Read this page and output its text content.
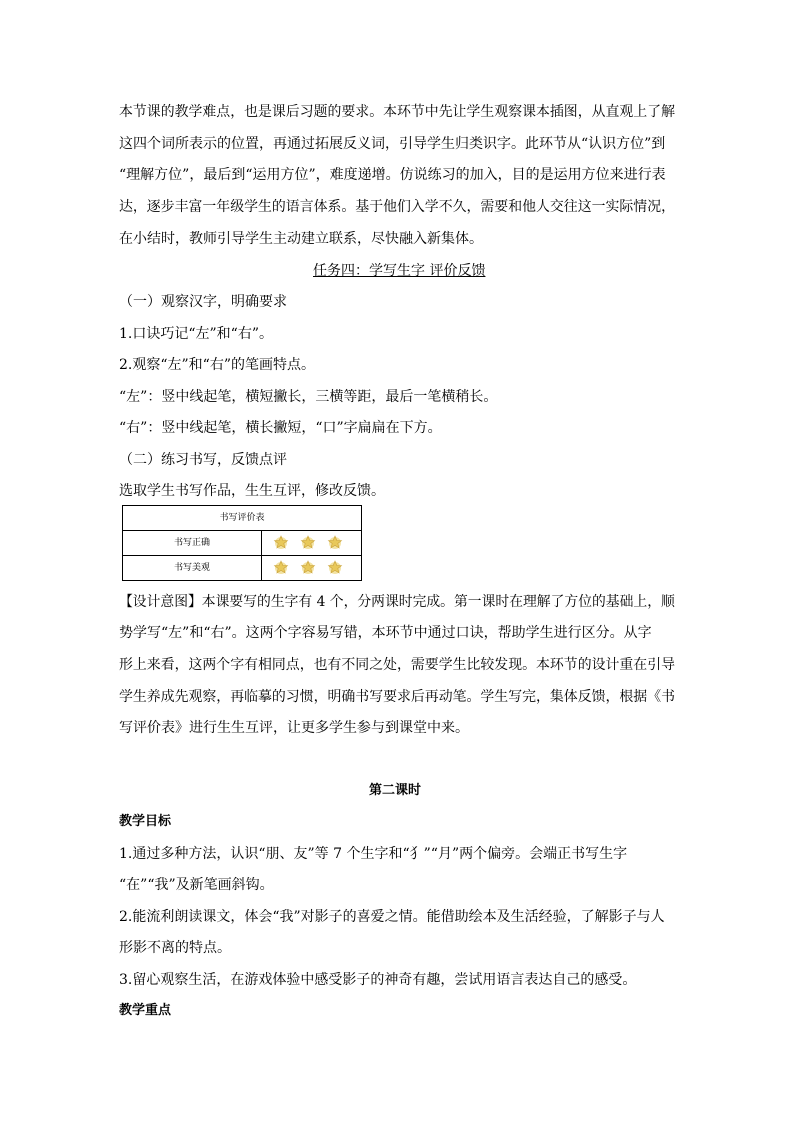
本节课的教学难点，也是课后习题的要求。本环节中先让学生观察课本插图，从直观上了解
这四个词所表示的位置，再通过拓展反义词，引导学生归类识字。此环节从“认识方位”到
“理解方位”，最后到“运用方位”，难度递增。仿说练习的加入，目的是运用方位来进行表
达，逐步丰富一年级学生的语言体系。基于他们入学不久，需要和他人交往这一实际情况，
在小结时，教师引导学生主动建立联系，尽快融入新集体。
任务四：学写生字 评价反馈
（一）观察汉字，明确要求
1.口诀巧记“左”和“右”。
2.观察“左”和“右”的笔画特点。
“左”：竖中线起笔，横短撇长，三横等距，最后一笔横稍长。
“右”：竖中线起笔，横长撇短，“口”字扁扁在下方。
（二）练习书写，反馈点评
选取学生书写作品，生生互评，修改反馈。
书写评价表
书写正确
书写美观
【设计意图】本课要写的生字有 4 个，分两课时完成。第一课时在理解了方位的基础上，顺
势学写“左”和“右”。这两个字容易写错，本环节中通过口诀，帮助学生进行区分。从字
形上来看，这两个字有相同点，也有不同之处，需要学生比较发现。本环节的设计重在引导
学生养成先观察，再临摹的习惯，明确书写要求后再动笔。学生写完，集体反馈，根据《书
写评价表》进行生生互评，让更多学生参与到课堂中来。
第二课时
教学目标
1.通过多种方法，认识“朋、友”等 7 个生字和“犭”“月”两个偏旁。会端正书写生字
“在”“我”及新笔画斜钩。
2.能流利朗读课文，体会“我”对影子的喜爱之情。能借助绘本及生活经验，了解影子与人
形影不离的特点。
3.留心观察生活，在游戏体验中感受影子的神奇有趣，尝试用语言表达自己的感受。
教学重点
